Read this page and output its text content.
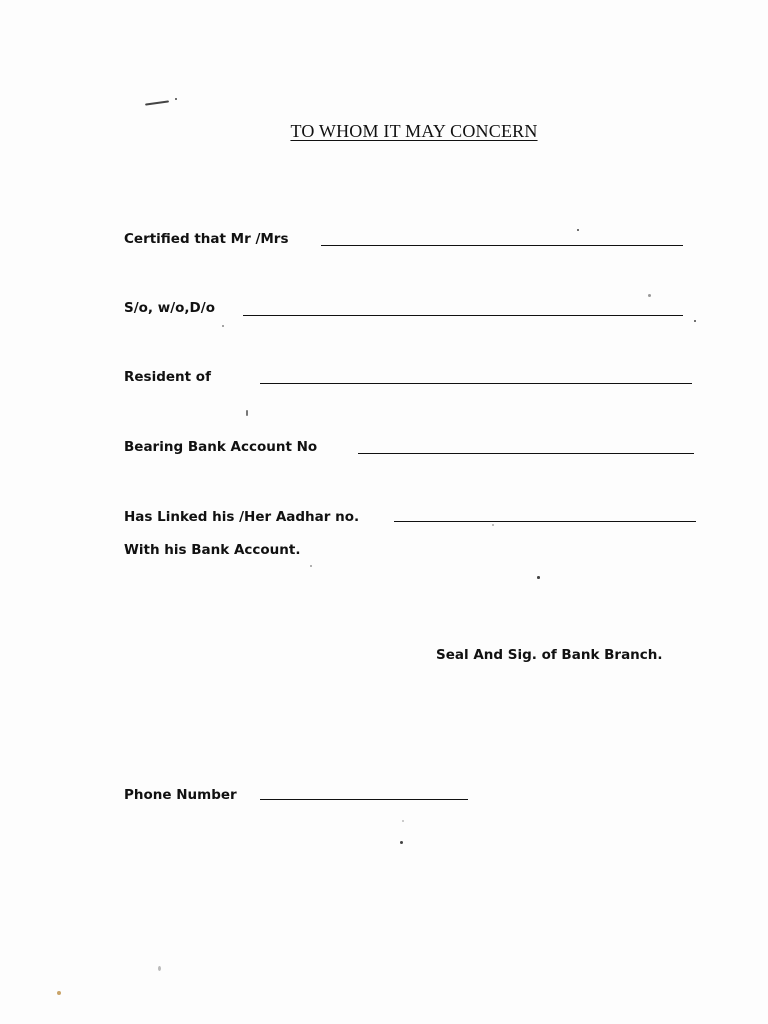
TO WHOM IT MAY CONCERN
Certified that Mr /Mrs
S/o, w/o,D/o
Resident of
Bearing Bank Account No
Has Linked his /Her Aadhar no.
With his Bank Account.
Seal And Sig. of Bank Branch.
Phone Number
